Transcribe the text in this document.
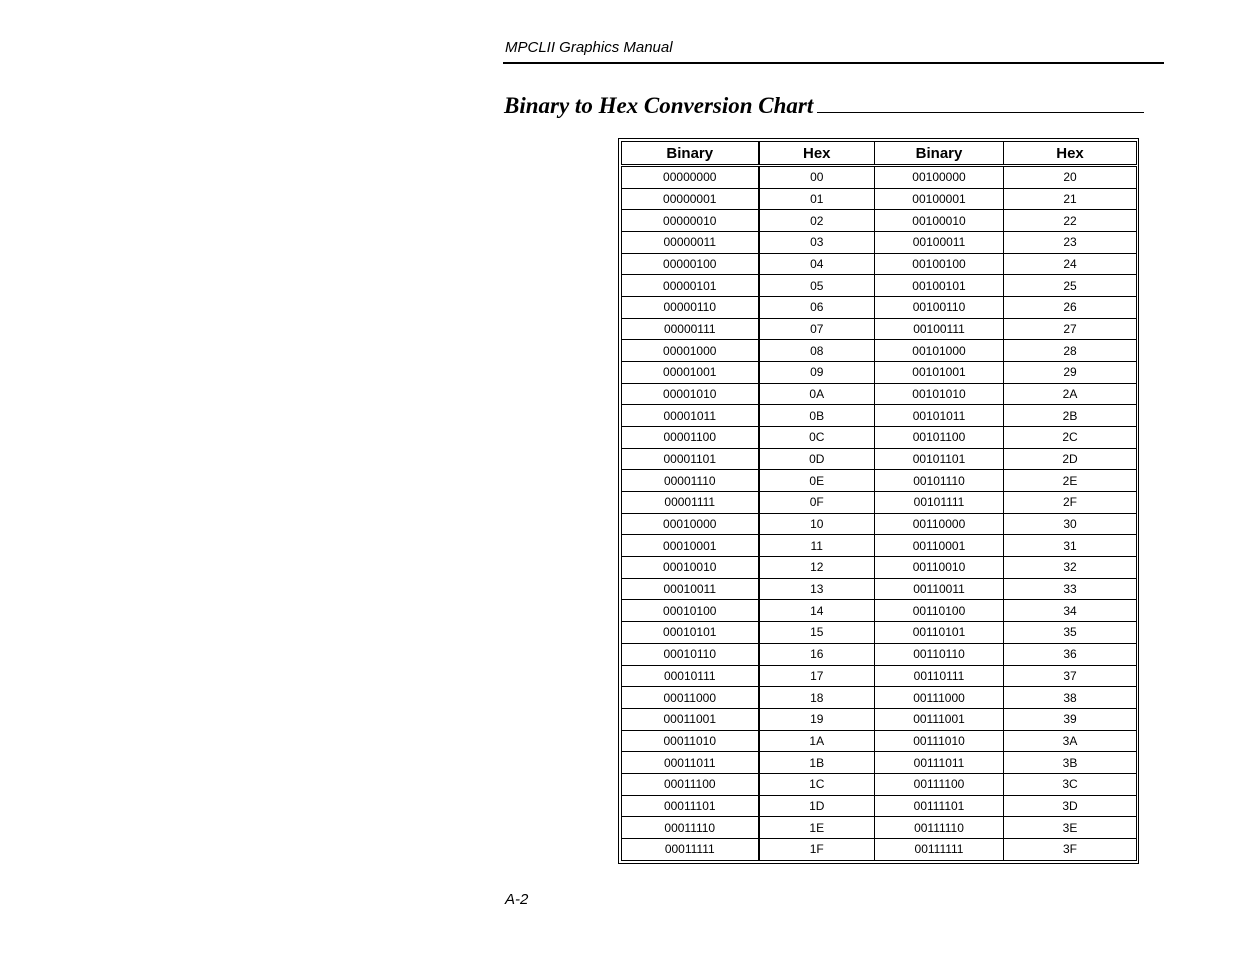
MPCLII Graphics Manual
Binary to Hex Conversion Chart
Binary	Hex	Binary	Hex
00000000	00	00100000	20
00000001	01	00100001	21
00000010	02	00100010	22
00000011	03	00100011	23
00000100	04	00100100	24
00000101	05	00100101	25
00000110	06	00100110	26
00000111	07	00100111	27
00001000	08	00101000	28
00001001	09	00101001	29
00001010	0A	00101010	2A
00001011	0B	00101011	2B
00001100	0C	00101100	2C
00001101	0D	00101101	2D
00001110	0E	00101110	2E
00001111	0F	00101111	2F
00010000	10	00110000	30
00010001	11	00110001	31
00010010	12	00110010	32
00010011	13	00110011	33
00010100	14	00110100	34
00010101	15	00110101	35
00010110	16	00110110	36
00010111	17	00110111	37
00011000	18	00111000	38
00011001	19	00111001	39
00011010	1A	00111010	3A
00011011	1B	00111011	3B
00011100	1C	00111100	3C
00011101	1D	00111101	3D
00011110	1E	00111110	3E
00011111	1F	00111111	3F
A-2
